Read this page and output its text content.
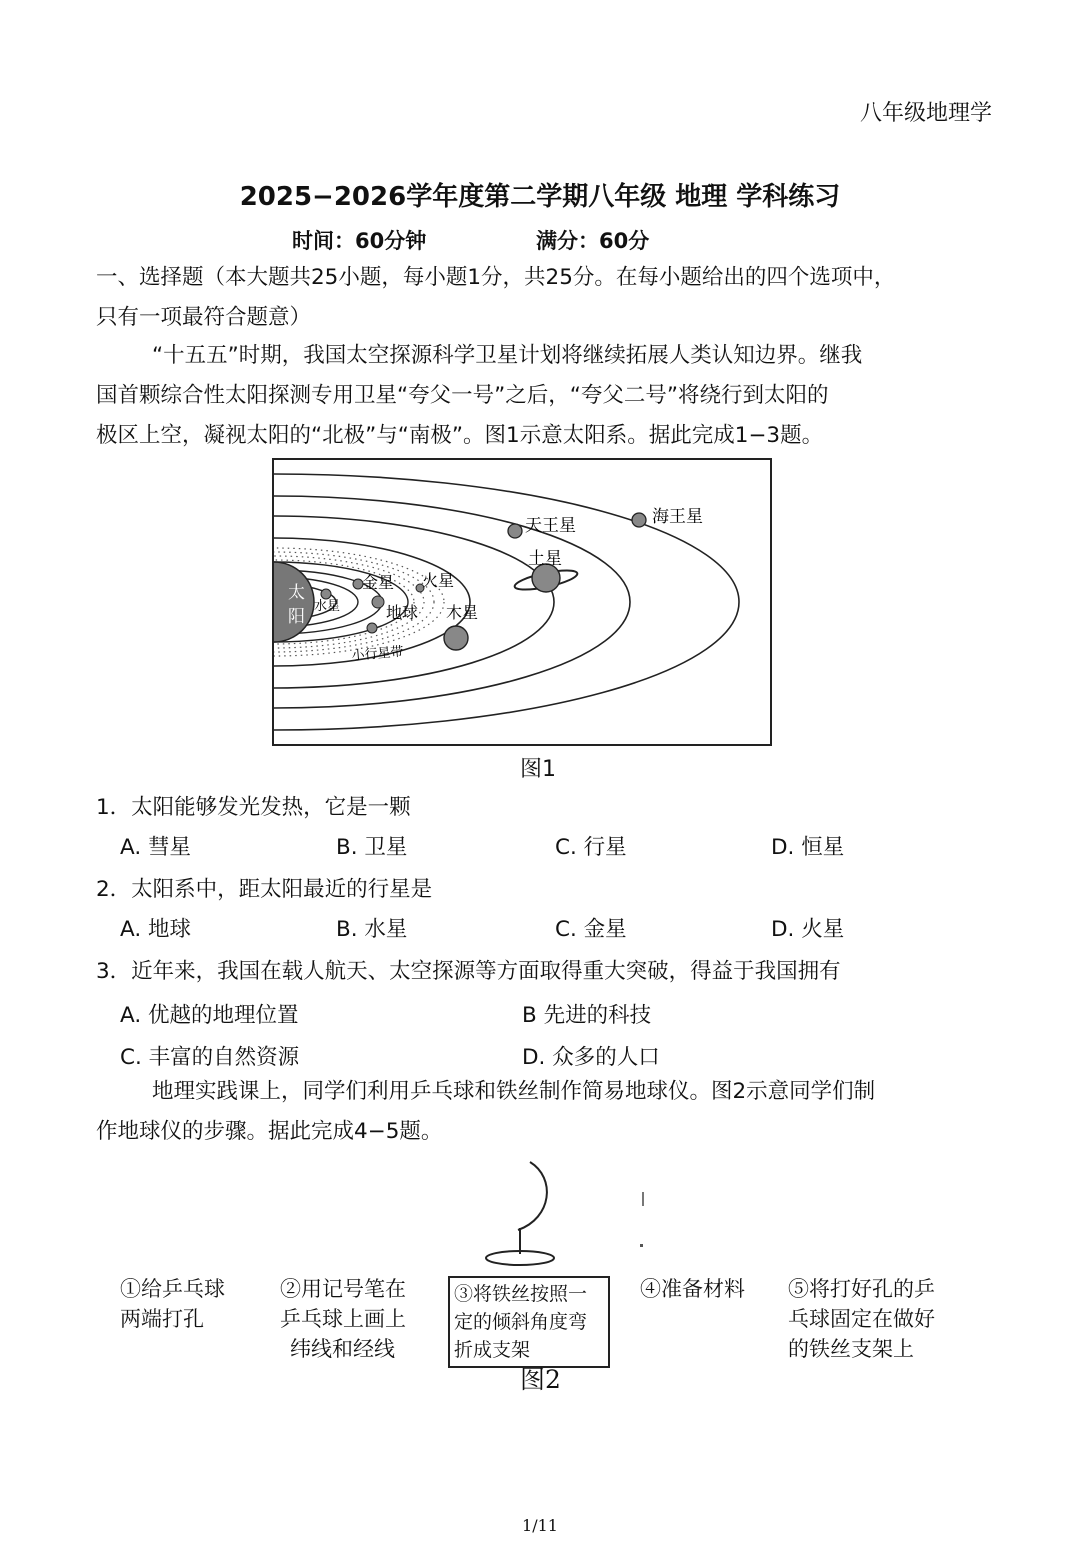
八年级地理学
2025−2026学年度第二学期八年级 地理 学科练习
时间：60分钟	满分：60分
一、选择题（本大题共25小题，每小题1分，共25分。在每小题给出的四个选项中，
只有一项最符合题意）
“十五五”时期，我国太空探源科学卫星计划将继续拓展人类认知边界。继我
国首颗综合性太阳探测专用卫星“夸父一号”之后，“夸父二号”将绕行到太阳的
极区上空，凝视太阳的“北极”与“南极”。图1示意太阳系。据此完成1−3题。
太
阳
水星
金星
地球
火星
小行星带
木星
土星
天王星	海王星
图1
1．太阳能够发光发热，它是一颗
A. 彗星	B. 卫星	C. 行星	D. 恒星
2．太阳系中，距太阳最近的行星是
A. 地球	B. 水星	C. 金星	D. 火星
3．近年来，我国在载人航天、太空探源等方面取得重大突破，得益于我国拥有
A. 优越的地理位置	B 先进的科技
C. 丰富的自然资源	D. 众多的人口
地理实践课上，同学们利用乒乓球和铁丝制作简易地球仪。图2示意同学们制
作地球仪的步骤。据此完成4−5题。
①给乒乓球
两端打孔
②用记号笔在
乒乓球上画上
纬线和经线
③将铁丝按照一
定的倾斜角度弯
折成支架
④准备材料 ⑤将打好孔的乒
乓球固定在做好
的铁丝支架上
图2
1/11
